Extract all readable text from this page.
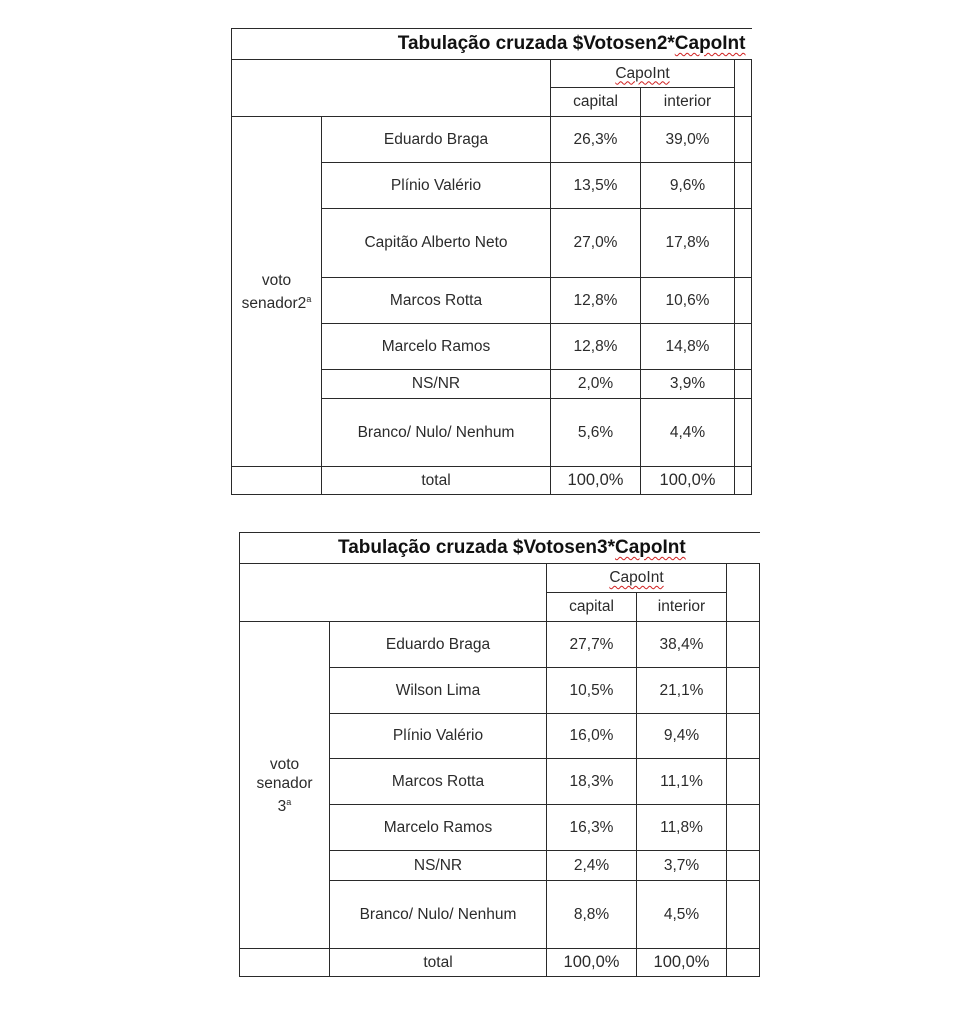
Tabulação cruzada $Votosen2*CapoInt				
		CapoInt		
		capital	interior	
voto
senador2$^a$	Eduardo Braga	26,3%	39,0%	
	Plínio Valério	13,5%	9,6%	
	Capitão Alberto Neto	27,0%	17,8%	
	Marcos Rotta	12,8%	10,6%	
	Marcelo Ramos	12,8%	14,8%	
	NS/NR	2,0%	3,9%	
	Branco/ Nulo/ Nenhum	5,6%	4,4%	
	total	100,0%	100,0%	
Tabulação cruzada $Votosen3*CapoInt				
		CapoInt		
		capital	interior	
voto
senador
3$^a$	Eduardo Braga	27,7%	38,4%	
	Wilson Lima	10,5%	21,1%	
	Plínio Valério	16,0%	9,4%	
	Marcos Rotta	18,3%	11,1%	
	Marcelo Ramos	16,3%	11,8%	
	NS/NR	2,4%	3,7%	
	Branco/ Nulo/ Nenhum	8,8%	4,5%	
	total	100,0%	100,0%	
